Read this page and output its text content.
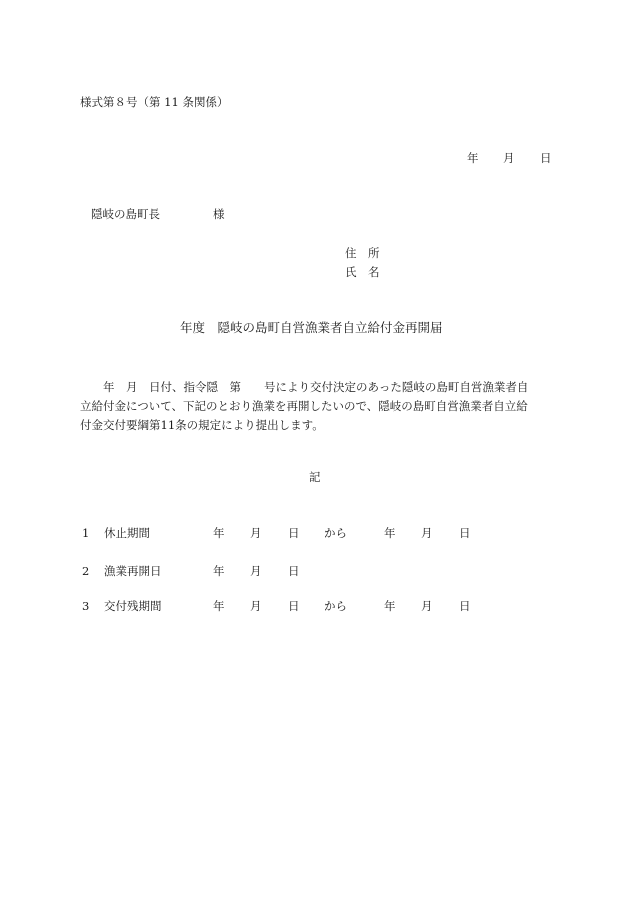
様式第８号（第 11 条関係）
年 月 日
隠岐の島町長	様
住　所
氏　名
年度　隠岐の島町自営漁業者自立給付金再開届
　　年　月　日付、指令隠　第　　号により交付決定のあった隠岐の島町自営漁業者自
立給付金について、下記のとおり漁業を再開したいので、隠岐の島町自営漁業者自立給
付金交付要綱第11条の規定により提出します。
記
1 休止期間	年 月 日 から	年 月 日
2 漁業再開日	年 月 日
3 交付残期間	年 月 日 から	年 月 日
